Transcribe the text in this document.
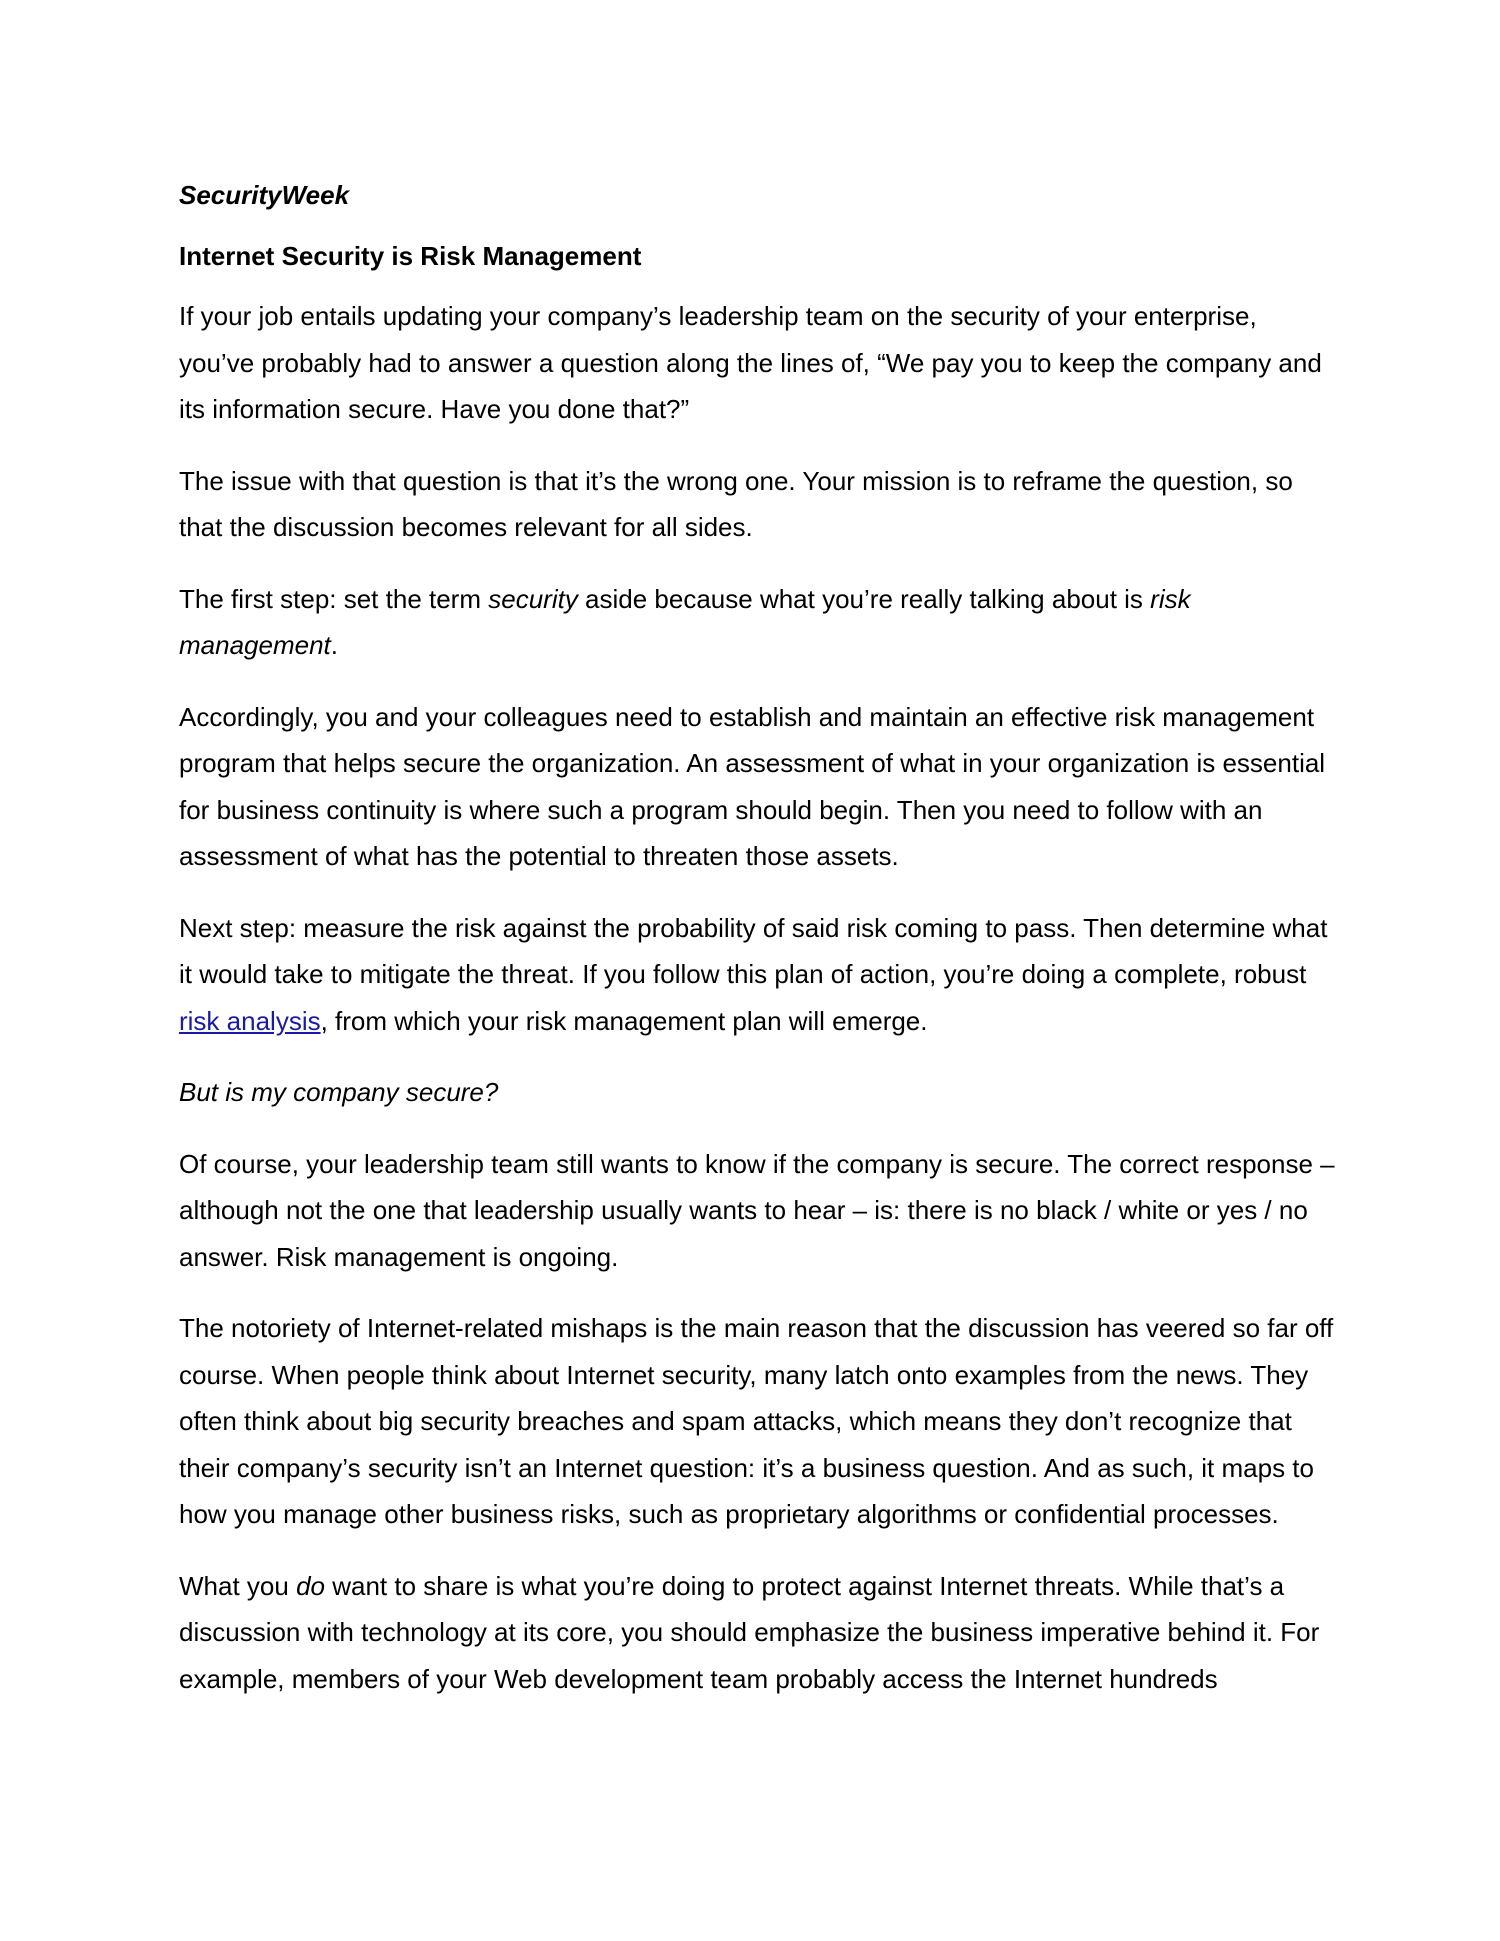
SecurityWeek

Internet Security is Risk Management

If your job entails updating your company’s leadership team on the security of your enterprise, you’ve probably had to answer a question along the lines of, “We pay you to keep the company and its information secure. Have you done that?”

The issue with that question is that it’s the wrong one. Your mission is to reframe the question, so that the discussion becomes relevant for all sides.

The first step: set the term security aside because what you’re really talking about is risk management.

Accordingly, you and your colleagues need to establish and maintain an effective risk management program that helps secure the organization. An assessment of what in your organization is essential for business continuity is where such a program should begin. Then you need to follow with an assessment of what has the potential to threaten those assets.

Next step: measure the risk against the probability of said risk coming to pass. Then determine what it would take to mitigate the threat. If you follow this plan of action, you’re doing a complete, robust risk analysis, from which your risk management plan will emerge.

But is my company secure?

Of course, your leadership team still wants to know if the company is secure. The correct response – although not the one that leadership usually wants to hear – is: there is no black / white or yes / no answer. Risk management is ongoing.

The notoriety of Internet-related mishaps is the main reason that the discussion has veered so far off course. When people think about Internet security, many latch onto examples from the news. They often think about big security breaches and spam attacks, which means they don’t recognize that their company’s security isn’t an Internet question: it’s a business question. And as such, it maps to how you manage other business risks, such as proprietary algorithms or confidential processes.

What you do want to share is what you’re doing to protect against Internet threats. While that’s a discussion with technology at its core, you should emphasize the business imperative behind it. For example, members of your Web development team probably access the Internet hundreds
